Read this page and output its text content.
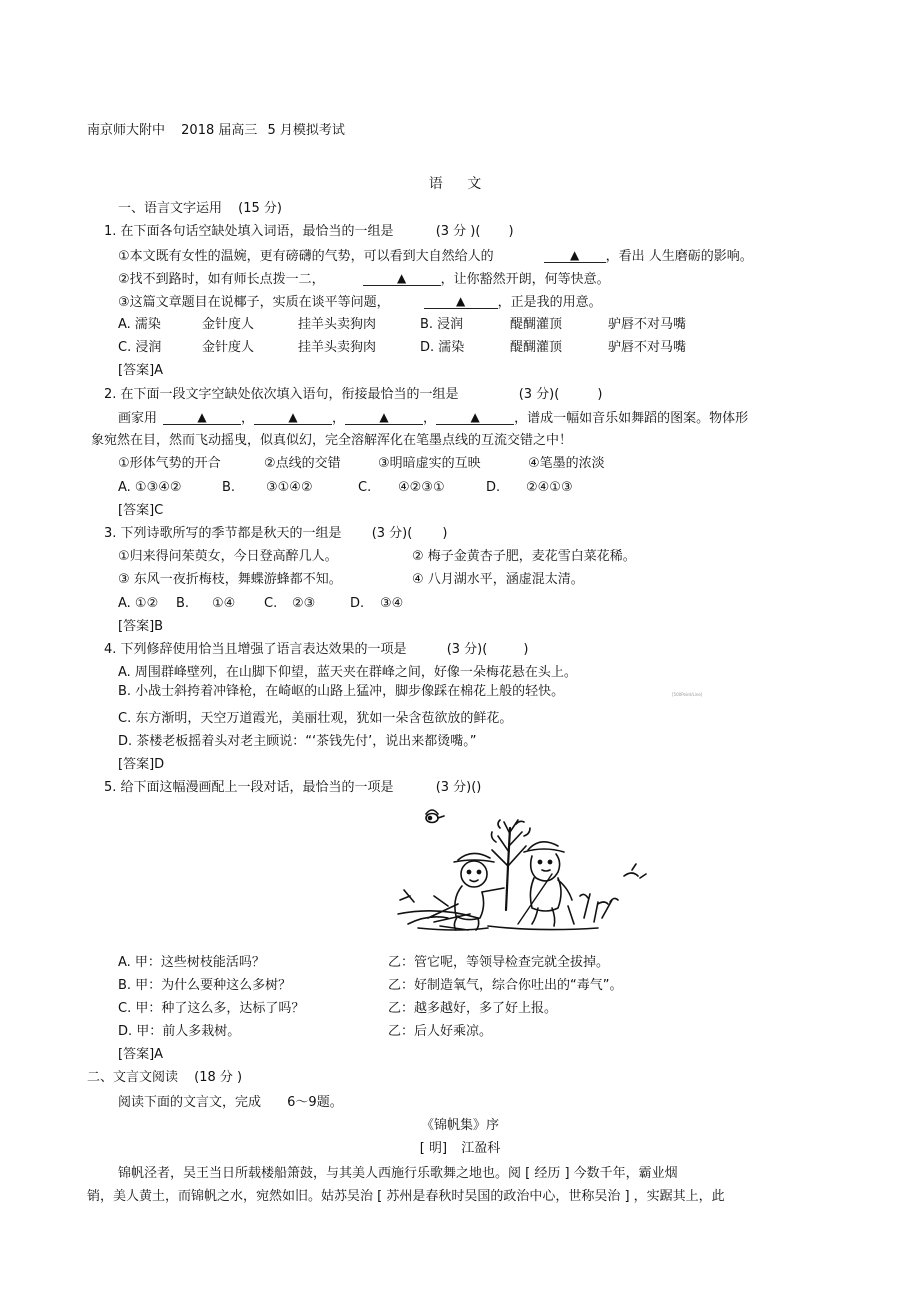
南京师大附中 2018 届高三 5 月模拟考试
语 文
一、语言文字运用 (15 分)
1. 在下面各句话空缺处填入词语，最恰当的一组是	(3 分 )( )
①本文既有女性的温婉，更有磅礴的气势，可以看到大自然给人的	▲ ，看出 人生磨砺的影响。
②找不到路时，如有师长点拨一二，	▲	，让你豁然开朗，何等快意。
③这篇文章题目在说椰子，实质在谈平等问题，	▲ ，正是我的用意。
A. 濡染	金针度人	挂羊头卖狗肉	B. 浸润	醍醐灌顶	驴唇不对马嘴
C. 浸润	金针度人	挂羊头卖狗肉	D. 濡染	醍醐灌顶	驴唇不对马嘴
[答案]A
2. 在下面一段文字空缺处依次填入语句，衔接最恰当的一组是	(3 分)(	)
画家用	▲	，	▲	，	▲	，	▲	，谱成一幅如音乐如舞蹈的图案。物体形
象宛然在目，然而飞动摇曳，似真似幻，完全溶解浑化在笔墨点线的互流交错之中！
①形体气势的开合	②点线的交错	③明暗虚实的互映	④笔墨的浓淡
A. ①③④②	B. ③①④②	C. ④②③①	D. ②④①③
[答案]C
3. 下列诗歌所写的季节都是秋天的一组是 (3 分)( )
①归来得问茱萸女，今日登高醉几人。	② 梅子金黄杏子肥，麦花雪白菜花稀。
③ 东风一夜折梅枝，舞蝶游蜂都不知。	④ 八月湖水平，涵虚混太清。
A. ①② B. ①④ C. ②③	D. ③④
[答案]B
4. 下列修辞使用恰当且增强了语言表达效果的一项是	(3 分)(	)
A. 周围群峰壁列，在山脚下仰望，蓝天夹在群峰之间，好像一朵梅花悬在头上。
B. 小战士斜挎着冲锋枪，在崎岖的山路上猛冲，脚步像踩在棉花上般的轻快。	[500Point/Line]
C. 东方渐明，天空万道霞光，美丽壮观，犹如一朵含苞欲放的鲜花。
D. 茶楼老板摇着头对老主顾说：“‘茶钱先付’，说出来都烫嘴。”
[答案]D
5. 给下面这幅漫画配上一段对话，最恰当的一项是	(3 分)()
A. 甲：这些树枝能活吗？	乙：管它呢，等领导检查完就全拔掉。
B. 甲：为什么要种这么多树？	乙：好制造氧气，综合你吐出的“毒气”。
C. 甲：种了这么多，达标了吗？	乙：越多越好，多了好上报。
D. 甲：前人多栽树。	乙：后人好乘凉。
[答案]A
二、文言文阅读 (18 分 )
阅读下面的文言文，完成 6～9题。
《锦帆集》序
[ 明] 江盈科
锦帆泾者，吴王当日所载楼船箫鼓，与其美人西施行乐歌舞之地也。阅 [ 经历 ] 今数千年，霸业烟
销，美人黄土，而锦帆之水，宛然如旧。姑苏吴治 [ 苏州是春秋时吴国的政治中心，世称吴治 ] ，实踞其上，此
